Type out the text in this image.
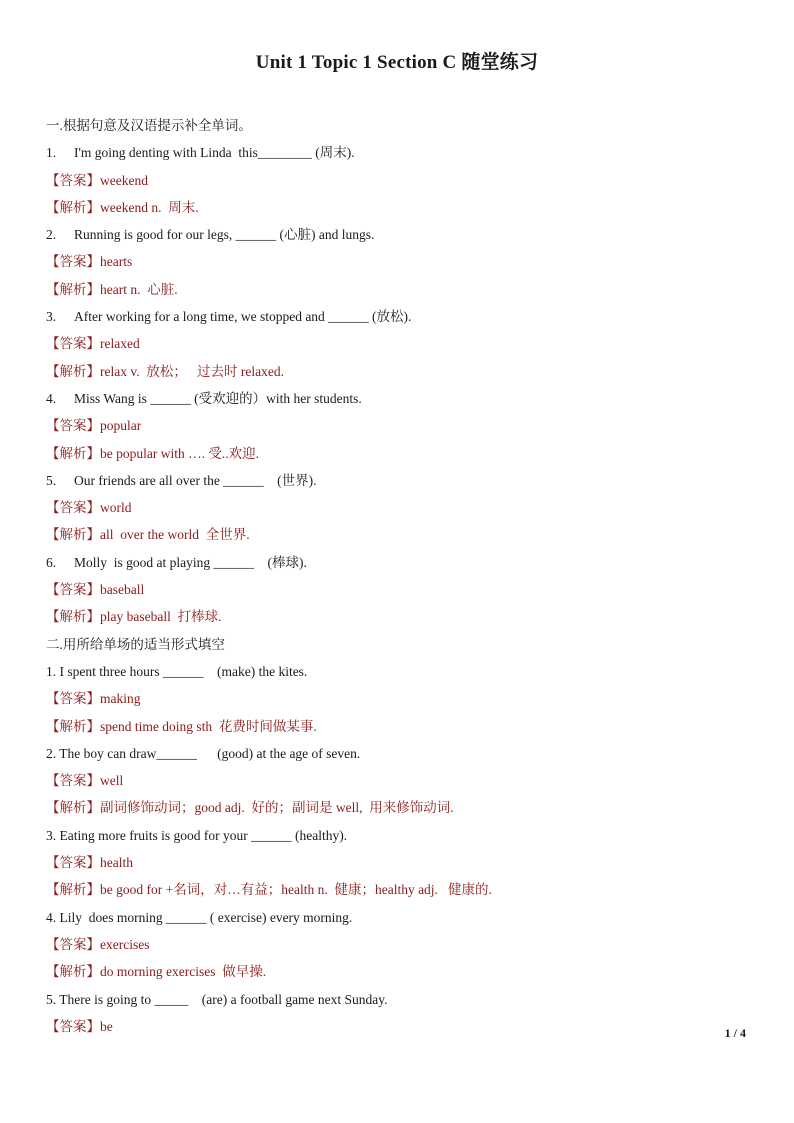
Unit 1 Topic 1 Section C 随堂练习
一.根据句意及汉语提示补全单词。
1. I'm going denting with Linda  this________ (周末).
【答案】weekend
【解析】weekend n.  周末.
2. Running is good for our legs, ______ (心脏) and lungs.
【答案】hearts
【解析】heart n.  心脏.
3. After working for a long time, we stopped and ______ (放松).
【答案】relaxed
【解析】relax v.  放松；   过去时 relaxed.
4. Miss Wang is ______ (受欢迎的）with her students.
【答案】popular
【解析】be popular with …. 受..欢迎.
5. Our friends are all over the ______    (世界).
【答案】world
【解析】all  over the world  全世界.
6. Molly  is good at playing ______    (棒球).
【答案】baseball
【解析】play baseball  打棒球.
二.用所给单场的适当形式填空
1. I spent three hours ______    (make) the kites.
【答案】making
【解析】spend time doing sth  花费时间做某事.
2. The boy can draw______      (good) at the age of seven.
【答案】well
【解析】副词修饰动词；good adj.  好的；副词是 well,  用来修饰动词.
3. Eating more fruits is good for your ______ (healthy).
【答案】health
【解析】be good for +名词，对…有益；health n.  健康；healthy adj.   健康的.
4. Lily  does morning ______ ( exercise) every morning.
【答案】exercises
【解析】do morning exercises  做早操.
5. There is going to _____    (are) a football game next Sunday.
【答案】be	1 / 4
